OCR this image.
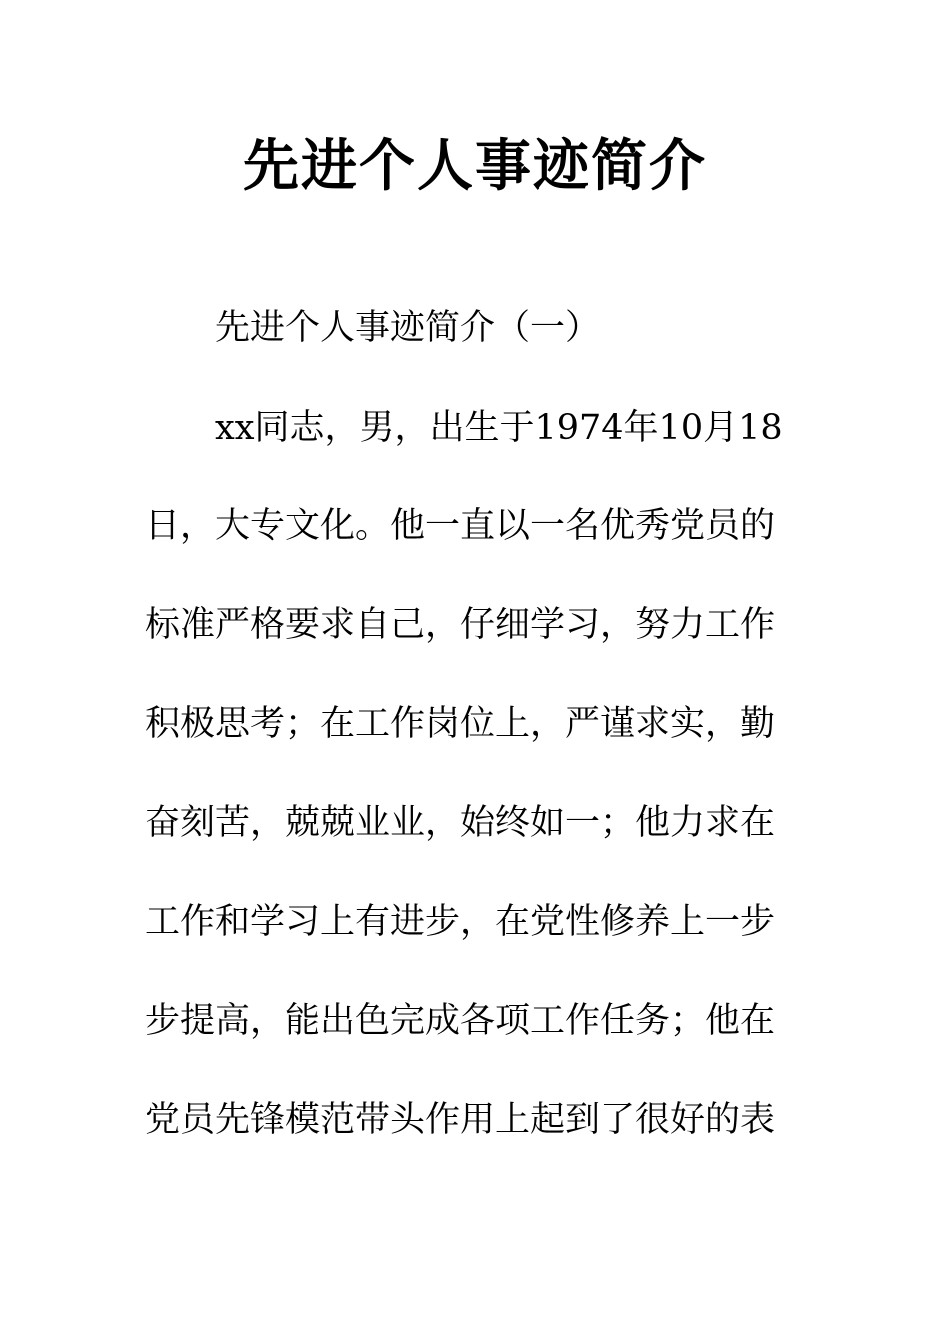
先进个人事迹简介
先进个人事迹简介（一）
xx同志，男，出生于1974年10月18
日，大专文化。他一直以一名优秀党员的
标准严格要求自己，仔细学习，努力工作
积极思考；在工作岗位上，严谨求实，勤
奋刻苦，兢兢业业，始终如一；他力求在
工作和学习上有进步，在党性修养上一步
步提高，能出色完成各项工作任务；他在
党员先锋模范带头作用上起到了很好的表
